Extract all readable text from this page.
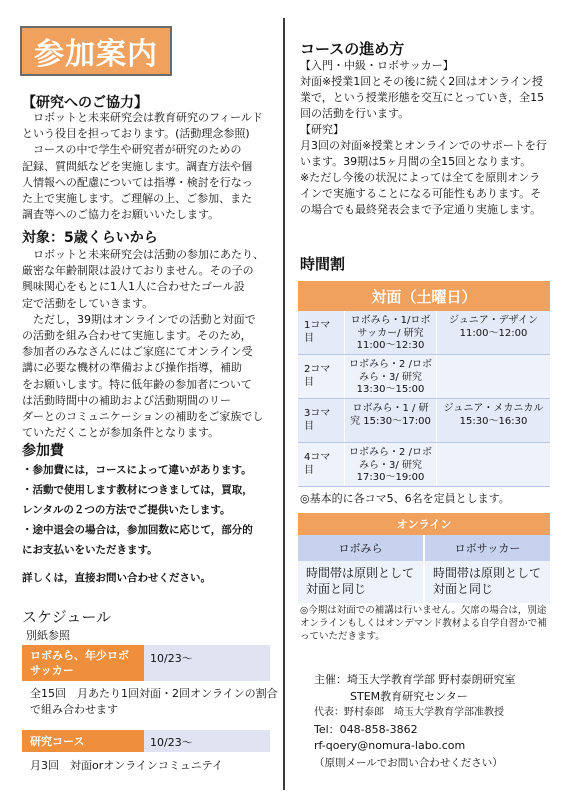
参加案内
【研究へのご協力】
　ロボットと未来研究会は教育研究のフィールド
という役目を担っております。(活動理念参照)
　コースの中で学生や研究者が研究のための
記録、質問紙などを実施します。調査方法や個
人情報への配慮については指導・検討を行なっ
た上で実施します。ご理解の上、ご参加、また
調査等へのご協力をお願いいたします。
対象：5歳くらいから
　ロボットと未来研究会は活動の参加にあたり、
厳密な年齢制限は設けておりません。その子の
興味関心をもとに1人1人に合わせたゴール設
定で活動をしていきます。
　ただし，39期はオンラインでの活動と対面で
の活動を組み合わせて実施します。そのため，
参加者のみなさんにはご家庭にてオンライン受
講に必要な機材の準備および操作指導，補助
をお願いします。特に低年齢の参加者について
は活動時間中の補助および活動期間のリー
ダーとのコミュニケーションの補助をご家族でし
ていただくことが参加条件となります。
参加費
・参加費には，コースによって違いがあります。
・活動で使用します教材につきましては，買取，
レンタルの２つの方法でご提供いたします。
・途中退会の場合は，参加回数に応じて，部分的
にお支払いをいただきます。
詳しくは，直接お問い合わせください。
スケジュール
別紙参照
ロボみら、年少ロボサッカー
10/23〜
全15回　月あたり1回対面・2回オンラインの割合で組み合わせます
研究コース	10/23〜
月3回　対面orオンラインコミュニテイ
コースの進め方
【入門・中級・ロボサッカー】
対面※授業1回とその後に続く2回はオンライン授業で，という授業形態を交互にとっていき，全15回の活動を行います。
【研究】
月3回の対面※授業とオンラインでのサポートを行います。39期は5ヶ月間の全15回となります。
※ただし今後の状況によっては全てを原則オンラインで実施することになる可能性もあります。その場合でも最終発表会まで予定通り実施します。
時間割
対面（土曜日）
1コマ目
ロボみら・1/ロボサッカー/ 研究 11:00〜12:30
ジュニア・デザイン 11:00〜12:00
2コマ目
ロボみら・2 /ロボみら・3/ 研究 13:30〜15:00
3コマ目
ロボみら・1 / 研究 15:30〜17:00
ジュニア・メカニカル 15:30〜16:30
4コマ目
ロボみら・2 /ロボみら・3/ 研究 17:30〜19:00
◎基本的に各コマ5、6名を定員とします。
オンライン
ロボみら	ロボサッカー
時間帯は原則として対面と同じ
時間帯は原則として対面と同じ
◎今期は対面での補講は行いません。欠席の場合は，別途オンラインもしくはオンデマンド教材よる自学自習かで補っていただきます。
主催：埼玉大学教育学部 野村泰朗研究室
STEM教育研究センター
代表：野村泰郎　埼玉大学教育学部准教授
Tel：048-858-3862
rf-qoery@nomura-labo.com
（原則メールでお問い合わせください）
